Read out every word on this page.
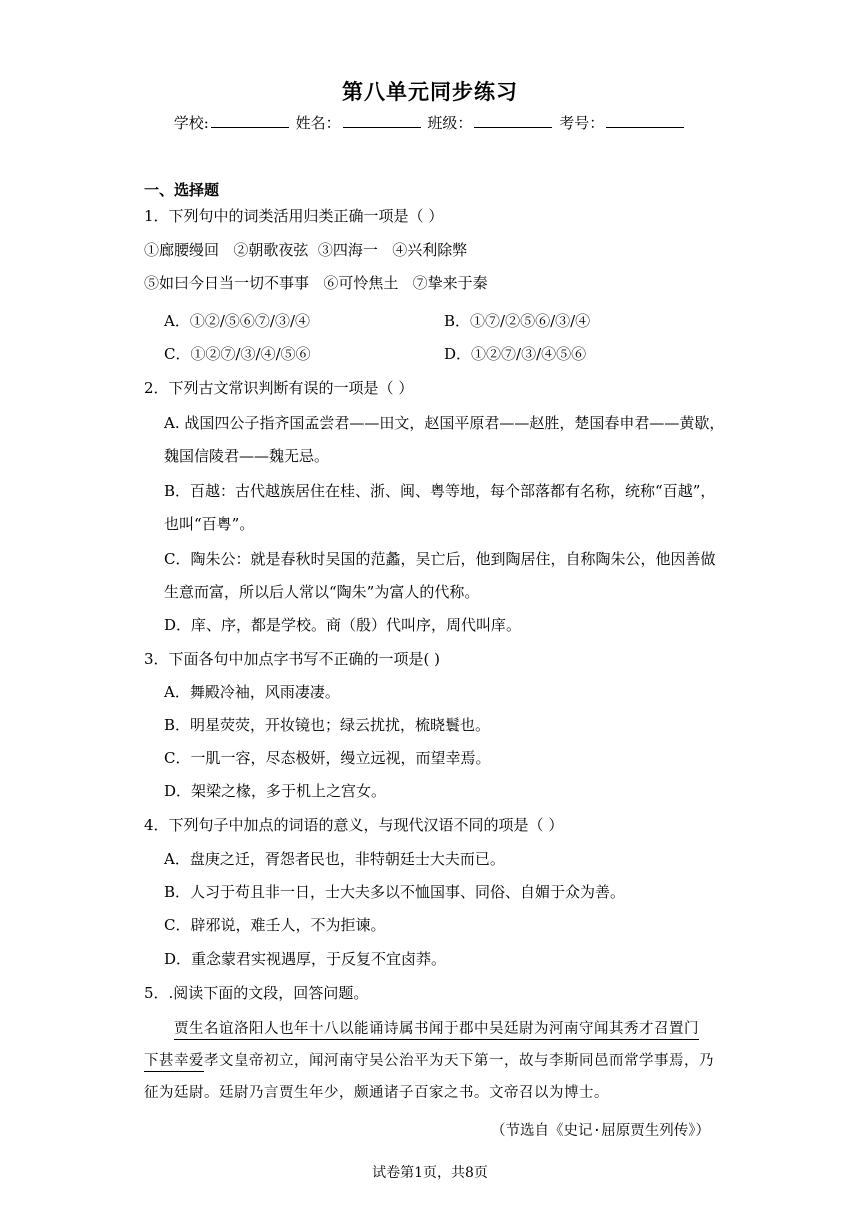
第八单元同步练习
学校:	姓名：	班级：	考号：
一、选择题
1．下列句中的词类活用归类正确一项是（ ）
①廊腰缦回 ②朝歌夜弦 ③四海一 ④兴利除弊
⑤如曰今日当一切不事事 ⑥可怜焦土 ⑦挚来于秦
A．①②/⑤⑥⑦/③/④	B．①⑦/②⑤⑥/③/④
C．①②⑦/③/④/⑤⑥	D．①②⑦/③/④⑤⑥
2．下列古文常识判断有误的一项是（ ）
A. 战国四公子指齐国孟尝君——田文，赵国平原君——赵胜，楚国春申君——黄歇，
魏国信陵君——魏无忌。
B．百越：古代越族居住在桂、浙、闽、粤等地，每个部落都有名称，统称“百越”，
也叫“百粤”。
C．陶朱公：就是春秋时吴国的范蠡，吴亡后，他到陶居住，自称陶朱公，他因善做
生意而富，所以后人常以“陶朱”为富人的代称。
D．庠、序，都是学校。商（殷）代叫序，周代叫庠。
3．下面各句中加点字书写不正确的一项是( )
A．舞殿冷袖，风雨凄凄。
B．明星荧荧，开妆镜也；绿云扰扰，梳晓鬟也。
C．一肌一容，尽态极妍，缦立远视，而望幸焉。
D．架梁之椽，多于机上之宫女。
4．下列句子中加点的词语的意义，与现代汉语不同的项是（ ）
A．盘庚之迁，胥怨者民也，非特朝廷士大夫而已。
B．人习于苟且非一日，士大夫多以不恤国事、同俗、自媚于众为善。
C．辟邪说，难壬人，不为拒谏。
D．重念蒙君实视遇厚，于反复不宜卤莽。
5．.阅读下面的文段，回答问题。
贾生名谊洛阳人也年十八以能诵诗属书闻于郡中吴廷尉为河南守闻其秀才召置门
下甚幸爱孝文皇帝初立，闻河南守吴公治平为天下第一，故与李斯同邑而常学事焉，乃
征为廷尉。廷尉乃言贾生年少，颇通诸子百家之书。文帝召以为博士。
（节选自《史记·屈原贾生列传》）
试卷第1页，共8页
